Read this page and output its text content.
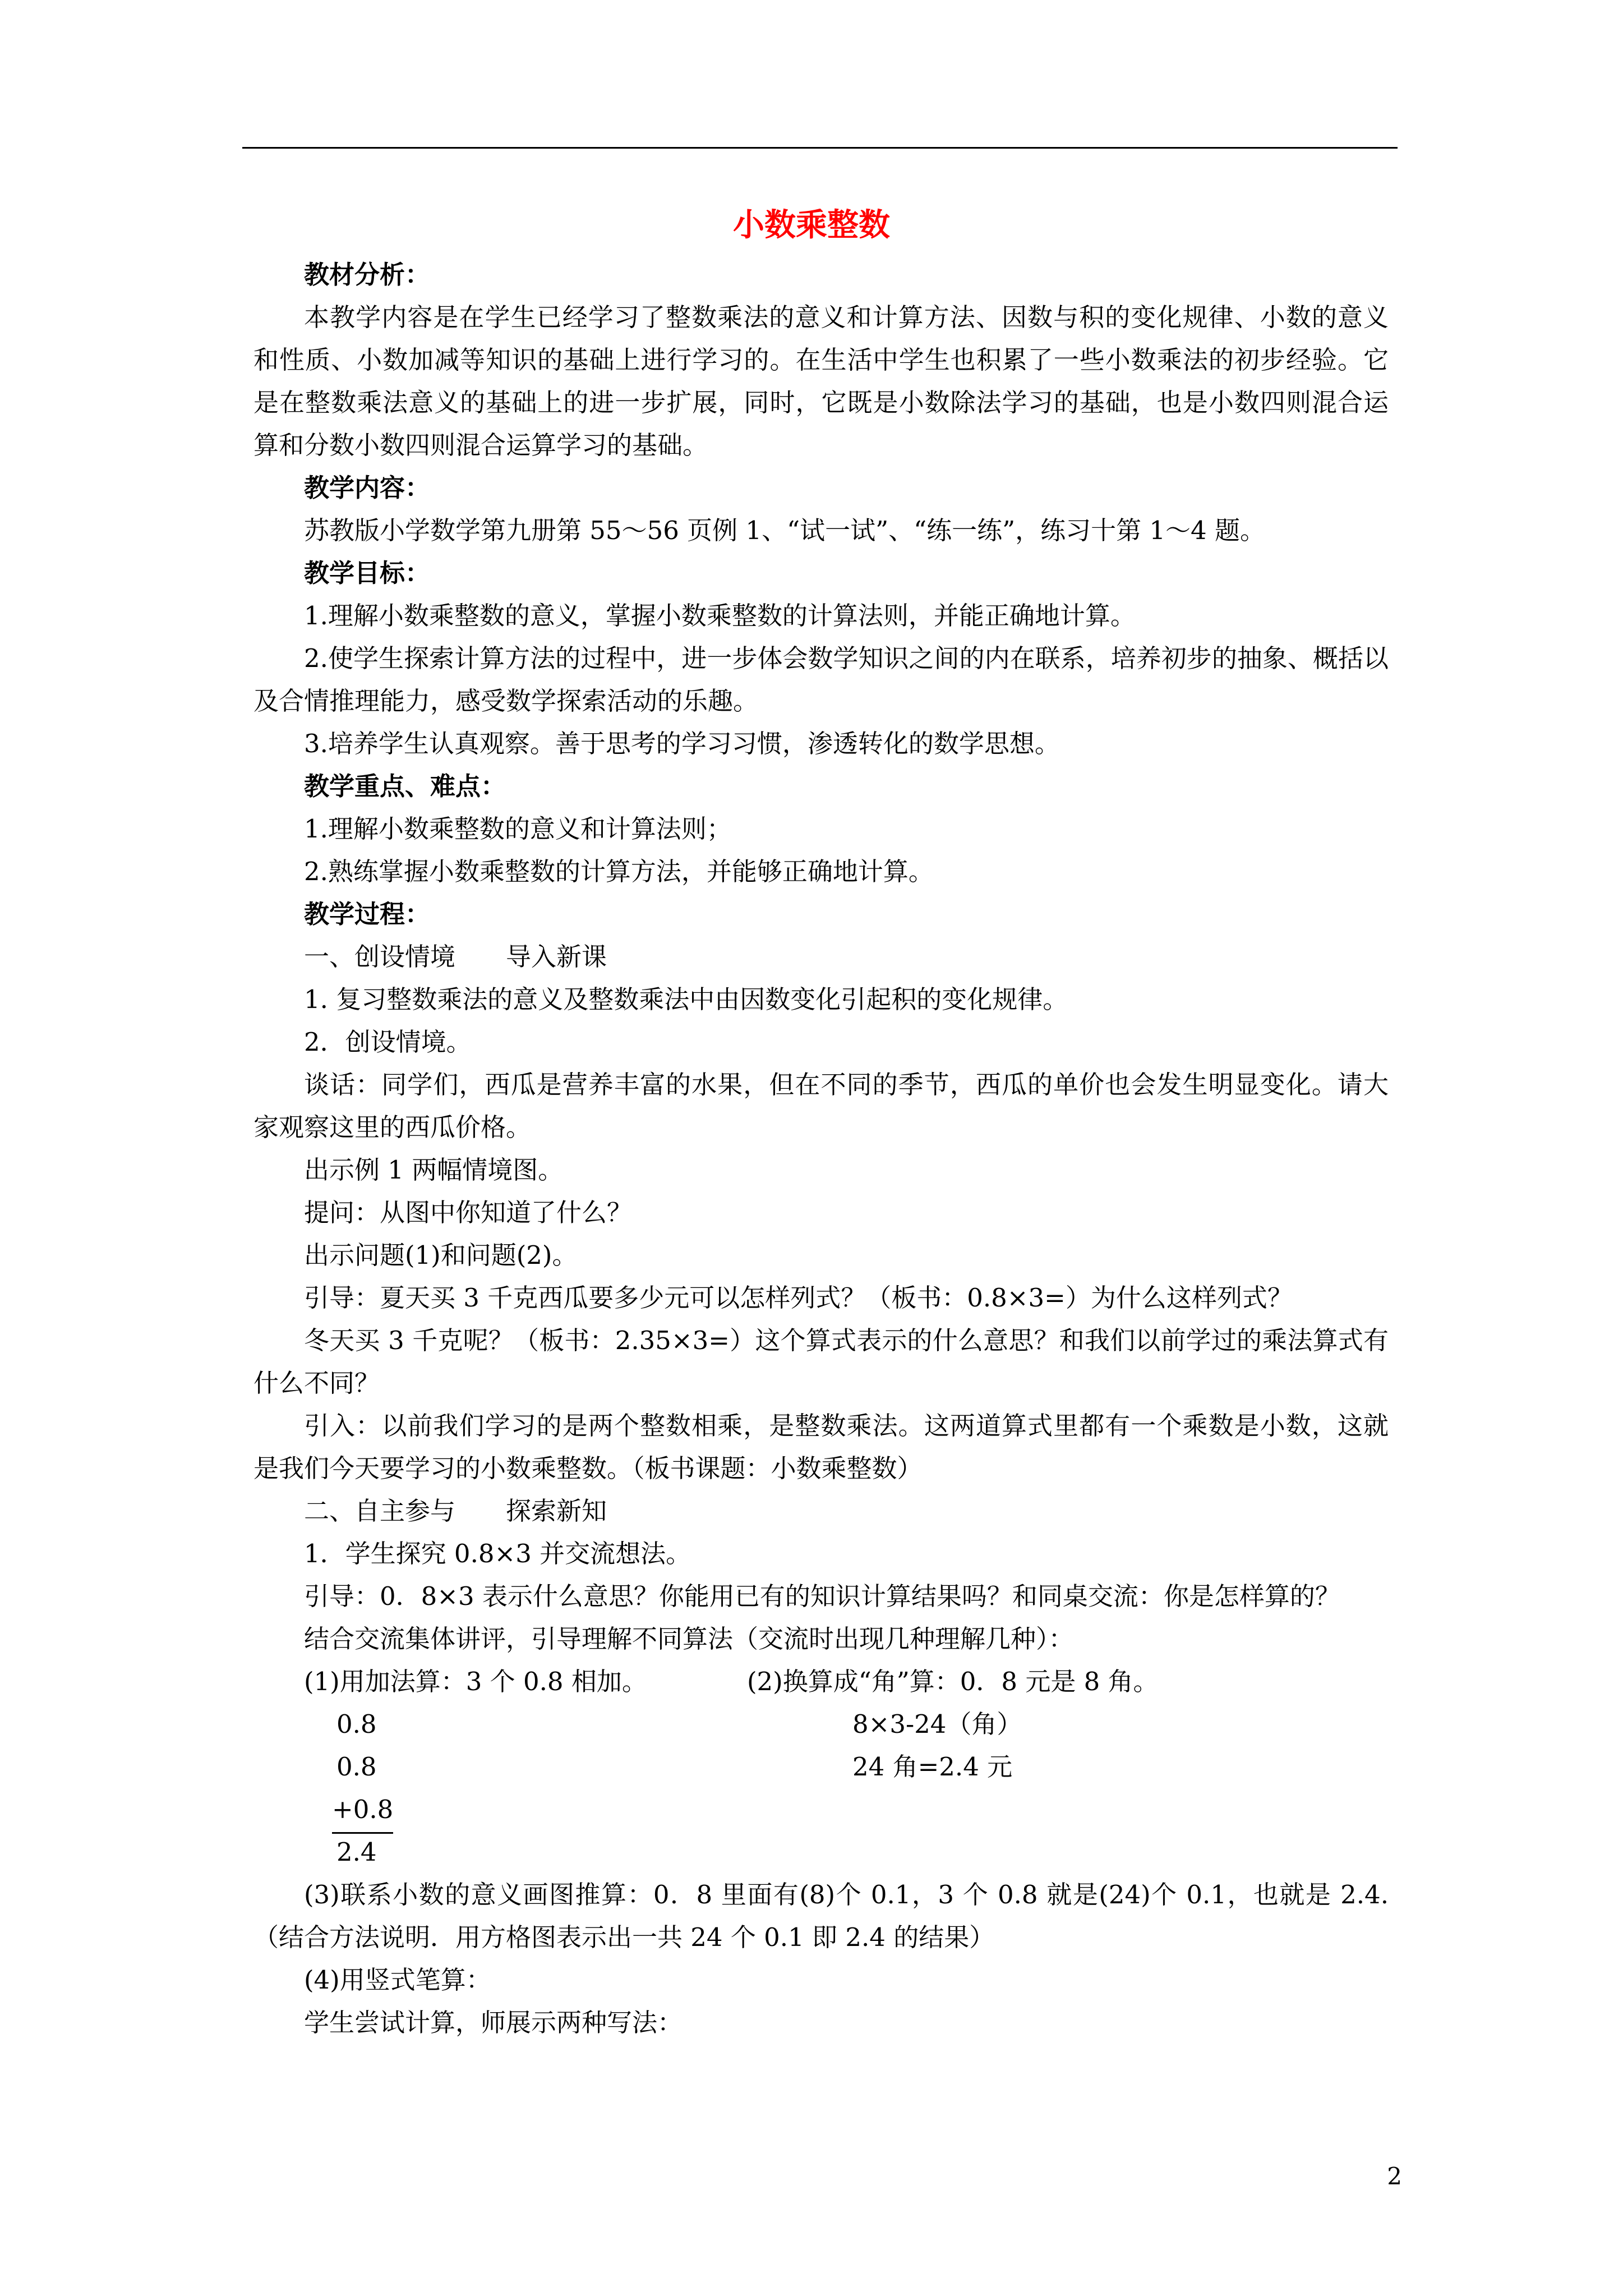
小数乘整数

教材分析：

本教学内容是在学生已经学习了整数乘法的意义和计算方法、因数与积的变化规律、小数的意义和性质、小数加减等知识的基础上进行学习的。在生活中学生也积累了一些小数乘法的初步经验。它是在整数乘法意义的基础上的进一步扩展，同时，它既是小数除法学习的基础，也是小数四则混合运算和分数小数四则混合运算学习的基础。

教学内容：

苏教版小学数学第九册第 55～56 页例 1、“试一试”、“练一练”，练习十第 1～4 题。

教学目标：

1.理解小数乘整数的意义，掌握小数乘整数的计算法则，并能正确地计算。

2.使学生探索计算方法的过程中，进一步体会数学知识之间的内在联系，培养初步的抽象、概括以及合情推理能力，感受数学探索活动的乐趣。

3.培养学生认真观察。善于思考的学习习惯，渗透转化的数学思想。

教学重点、难点：

1.理解小数乘整数的意义和计算法则；

2.熟练掌握小数乘整数的计算方法，并能够正确地计算。

教学过程：

一、创设情境　　导入新课

1. 复习整数乘法的意义及整数乘法中由因数变化引起积的变化规律。

2．创设情境。

谈话：同学们，西瓜是营养丰富的水果，但在不同的季节，西瓜的单价也会发生明显变化。请大家观察这里的西瓜价格。

出示例 1 两幅情境图。

提问：从图中你知道了什么？

出示问题(1)和问题(2)。

引导：夏天买 3 千克西瓜要多少元可以怎样列式？（板书：0.8×3=）为什么这样列式？

冬天买 3 千克呢？（板书：2.35×3=）这个算式表示的什么意思？和我们以前学过的乘法算式有什么不同？

引入：以前我们学习的是两个整数相乘，是整数乘法。这两道算式里都有一个乘数是小数，这就是我们今天要学习的小数乘整数。（板书课题：小数乘整数）

二、自主参与　　探索新知

1．学生探究 0.8×3 并交流想法。

引导：0．8×3 表示什么意思？你能用已有的知识计算结果吗？和同桌交流：你是怎样算的？

结合交流集体讲评，引导理解不同算法（交流时出现几种理解几种）：

(1)用加法算：3 个 0.8 相加。	(2)换算成“角”算：0．8 元是 8 角。
0.8	8×3-24（角）
0.8	24 角=2.4 元
+0.8
2.4

(3)联系小数的意义画图推算：0．8 里面有(8)个 0.1，3 个 0.8 就是(24)个 0.1，也就是 2.4.（结合方法说明．用方格图表示出一共 24 个 0.1 即 2.4 的结果）

(4)用竖式笔算：

学生尝试计算，师展示两种写法：

2
